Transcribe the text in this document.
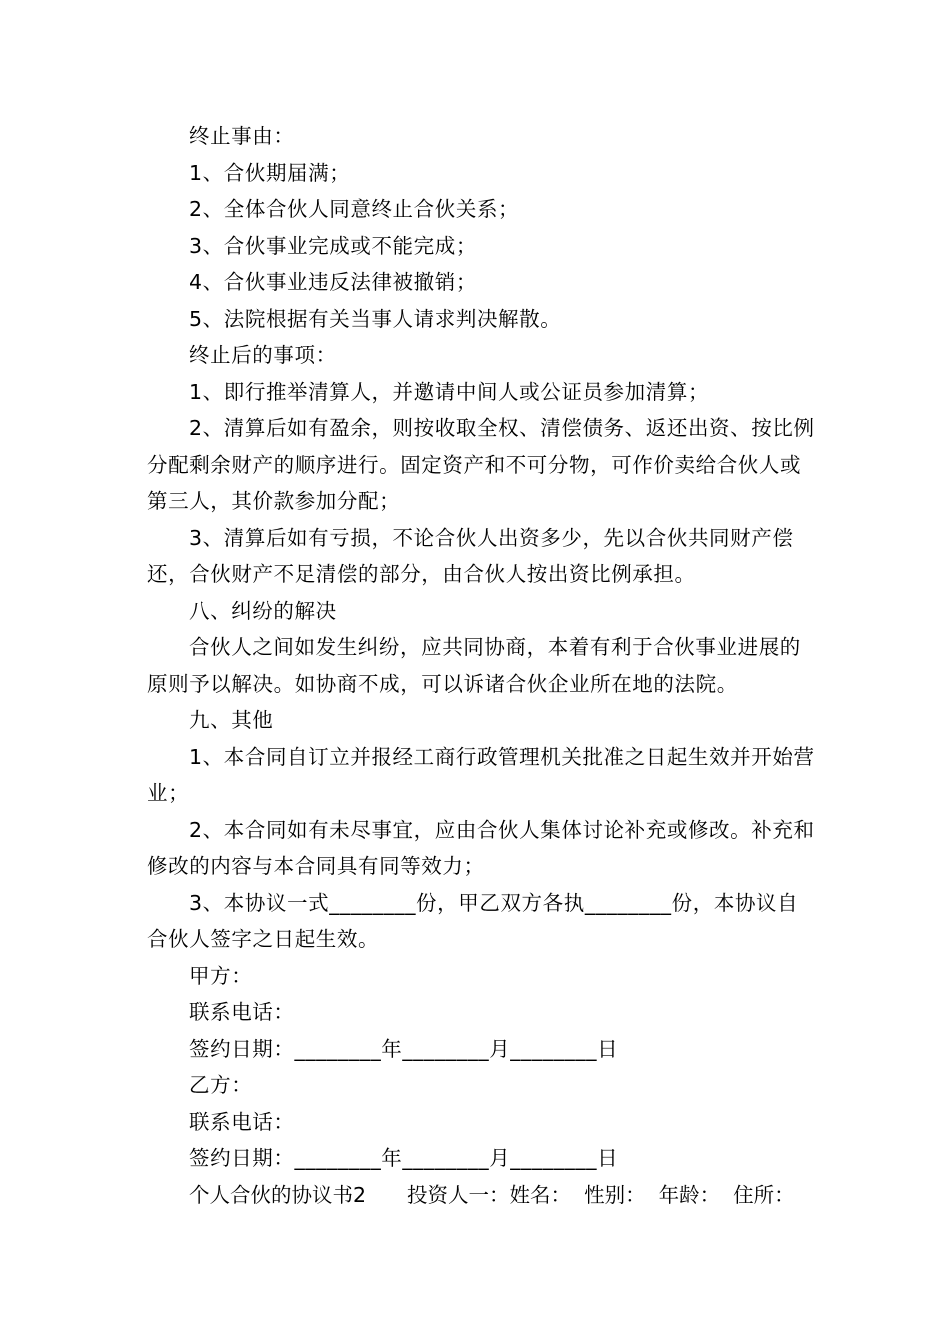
终止事由：

1、合伙期届满；

2、全体合伙人同意终止合伙关系；

3、合伙事业完成或不能完成；

4、合伙事业违反法律被撤销；

5、法院根据有关当事人请求判决解散。

终止后的事项：

1、即行推举清算人，并邀请中间人或公证员参加清算；

2、清算后如有盈余，则按收取全权、清偿债务、返还出资、按比例分配剩余财产的顺序进行。固定资产和不可分物，可作价卖给合伙人或第三人，其价款参加分配；

3、清算后如有亏损，不论合伙人出资多少，先以合伙共同财产偿还，合伙财产不足清偿的部分，由合伙人按出资比例承担。

八、纠纷的解决

合伙人之间如发生纠纷，应共同协商，本着有利于合伙事业进展的原则予以解决。如协商不成，可以诉诸合伙企业所在地的法院。

九、其他

1、本合同自订立并报经工商行政管理机关批准之日起生效并开始营业；

2、本合同如有未尽事宜，应由合伙人集体讨论补充或修改。补充和修改的内容与本合同具有同等效力；

3、本协议一式________份，甲乙双方各执________份，本协议自合伙人签字之日起生效。

甲方：

联系电话：

签约日期：________年________月________日

乙方：

联系电话：

签约日期：________年________月________日

个人合伙的协议书2　　投资人一：姓名：  性别：  年龄：  住所：
